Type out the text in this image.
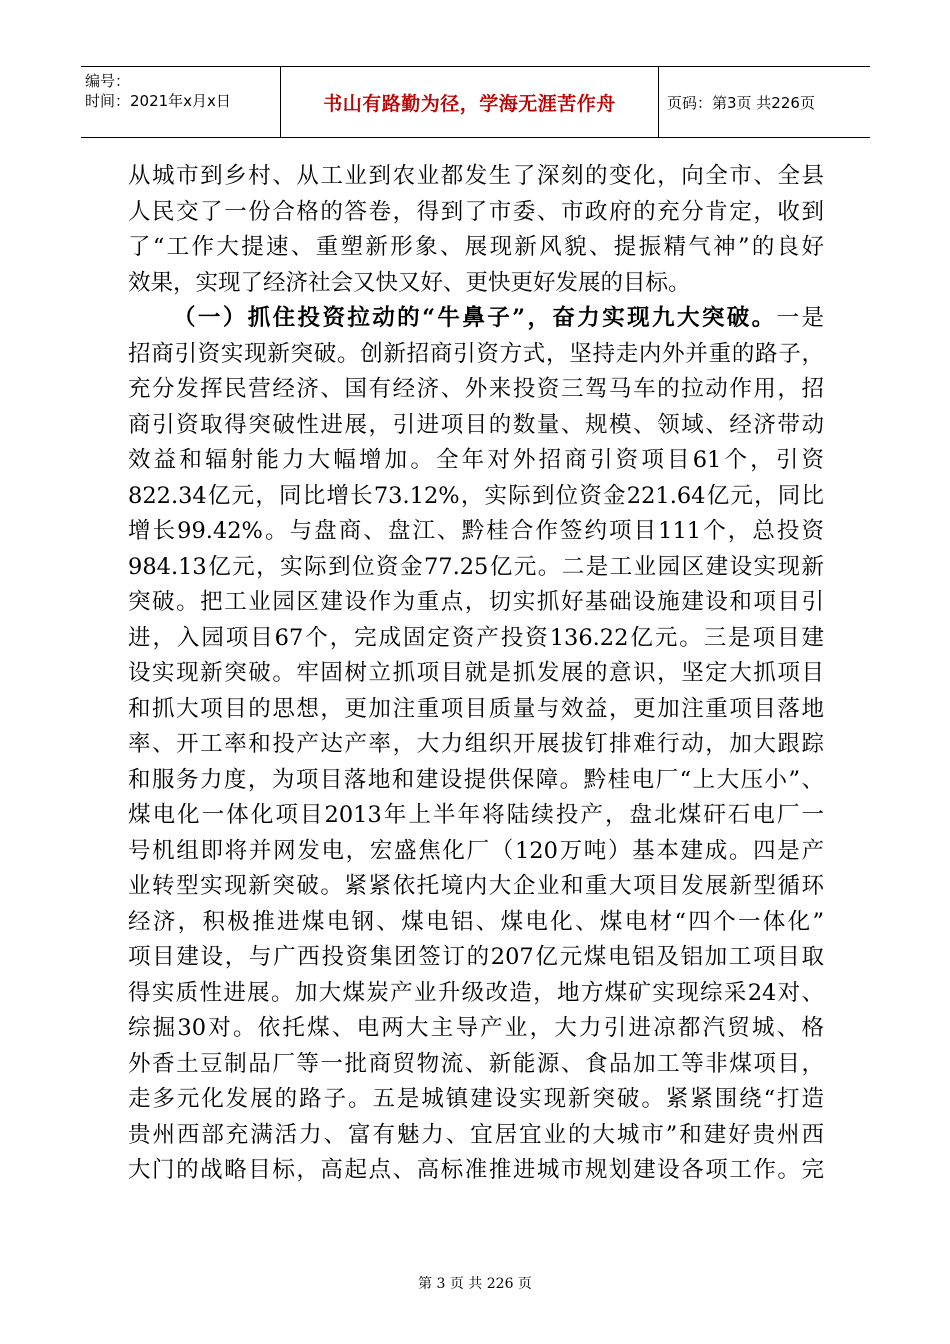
编号：
时间：2021年x月x日	书山有路勤为径，学海无涯苦作舟	页码：第3页 共226页
从城市到乡村、从工业到农业都发生了深刻的变化，向全市、全县
人民交了一份合格的答卷，得到了市委、市政府的充分肯定，收到
了“工作大提速、重塑新形象、展现新风貌、提振精气神”的良好
效果，实现了经济社会又快又好、更快更好发展的目标。
（一）抓住投资拉动的“牛鼻子”，奋力实现九大突破。一是
招商引资实现新突破。创新招商引资方式，坚持走内外并重的路子，
充分发挥民营经济、国有经济、外来投资三驾马车的拉动作用，招
商引资取得突破性进展，引进项目的数量、规模、领域、经济带动
效益和辐射能力大幅增加。全年对外招商引资项目61个，引资
822.34亿元，同比增长73.12%，实际到位资金221.64亿元，同比
增长99.42%。与盘商、盘江、黔桂合作签约项目111个，总投资
984.13亿元，实际到位资金77.25亿元。二是工业园区建设实现新
突破。把工业园区建设作为重点，切实抓好基础设施建设和项目引
进，入园项目67个，完成固定资产投资136.22亿元。三是项目建
设实现新突破。牢固树立抓项目就是抓发展的意识，坚定大抓项目
和抓大项目的思想，更加注重项目质量与效益，更加注重项目落地
率、开工率和投产达产率，大力组织开展拔钉排难行动，加大跟踪
和服务力度，为项目落地和建设提供保障。黔桂电厂“上大压小”、
煤电化一体化项目2013年上半年将陆续投产，盘北煤矸石电厂一
号机组即将并网发电，宏盛焦化厂（120万吨）基本建成。四是产
业转型实现新突破。紧紧依托境内大企业和重大项目发展新型循环
经济，积极推进煤电钢、煤电铝、煤电化、煤电材“四个一体化”
项目建设，与广西投资集团签订的207亿元煤电铝及铝加工项目取
得实质性进展。加大煤炭产业升级改造，地方煤矿实现综采24对、
综掘30对。依托煤、电两大主导产业，大力引进凉都汽贸城、格
外香土豆制品厂等一批商贸物流、新能源、食品加工等非煤项目，
走多元化发展的路子。五是城镇建设实现新突破。紧紧围绕“打造
贵州西部充满活力、富有魅力、宜居宜业的大城市”和建好贵州西
大门的战略目标，高起点、高标准推进城市规划建设各项工作。完
第 3 页 共 226 页
